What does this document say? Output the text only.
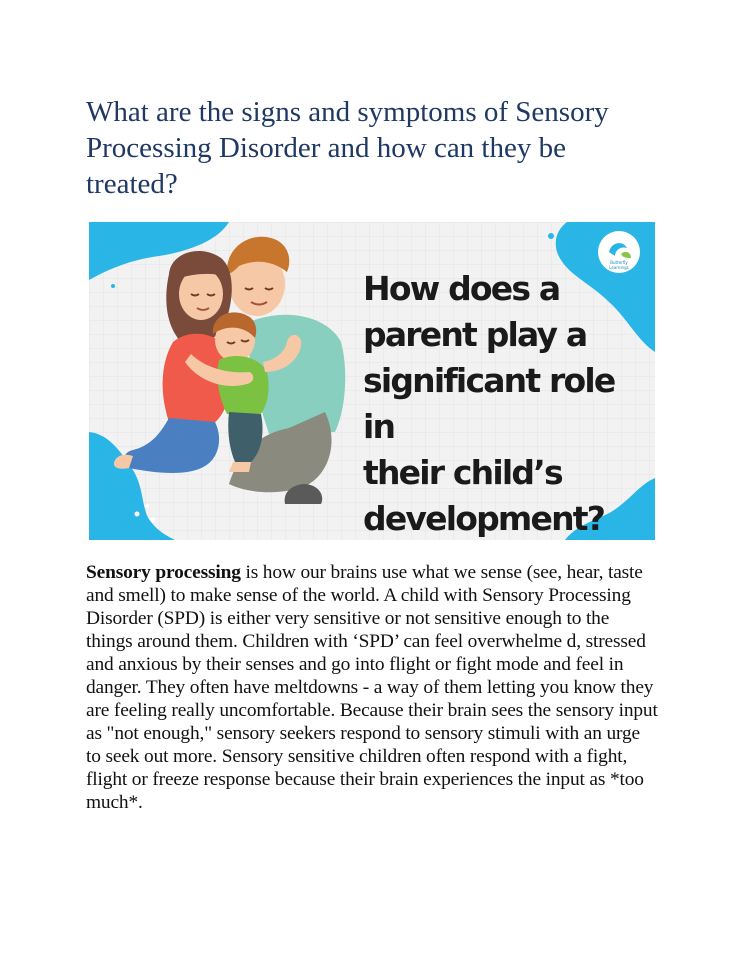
What are the signs and symptoms of Sensory Processing Disorder and how can they be treated?
Butterfly
Learnings
How does a
parent play a
significant role in
their child’s
development?

Sensory processing is how our brains use what we sense (see, hear, taste and smell) to make sense of the world. A child with Sensory Processing Disorder (SPD) is either very sensitive or not sensitive enough to the things around them. Children with ‘SPD’ can feel overwhelme d, stressed and anxious by their senses and go into flight or fight mode and feel in danger. They often have meltdowns - a way of them letting you know they are feeling really uncomfortable. Because their brain sees the sensory input as "not enough," sensory seekers respond to sensory stimuli with an urge to seek out more. Sensory sensitive children often respond with a fight, flight or freeze response because their brain experiences the input as *too much*.
